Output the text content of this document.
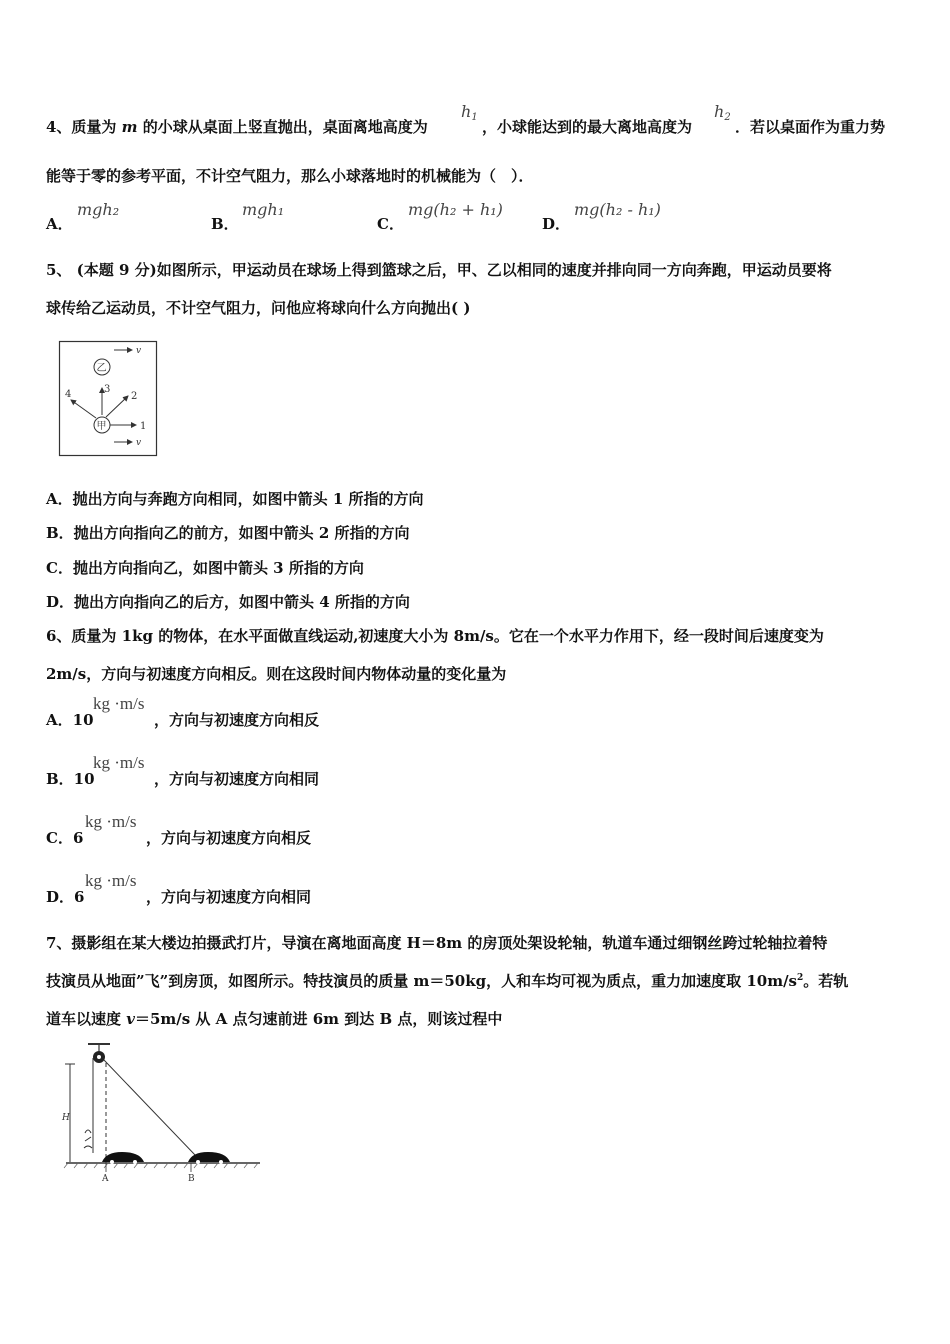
4、质量为 m 的小球从桌面上竖直抛出，桌面离地高度为
$h_1$
，小球能达到的最大离地高度为
$h_2$
．若以桌面作为重力势
能等于零的参考平面，不计空气阻力，那么小球落地时的机械能为（　）．
A．
mgh₂
B．
mgh₁
C．
mg(h₂ + h₁)
D．
mg(h₂ - h₁)
5、 (本题 9 分)如图所示，甲运动员在球场上得到篮球之后，甲、乙以相同的速度并排向同一方向奔跑，甲运动员要将
球传给乙运动员，不计空气阻力，问他应将球向什么方向抛出( )
v
乙
3
2
4
1
甲
v
A．抛出方向与奔跑方向相同，如图中箭头 1 所指的方向
B．抛出方向指向乙的前方，如图中箭头 2 所指的方向
C．抛出方向指向乙，如图中箭头 3 所指的方向
D．抛出方向指向乙的后方，如图中箭头 4 所指的方向
6、质量为 1kg 的物体，在水平面做直线运动,初速度大小为 8m/s。它在一个水平力作用下，经一段时间后速度变为
2m/s，方向与初速度方向相反。则在这段时间内物体动量的变化量为
A．10
kg ·m/s
，方向与初速度方向相反
B．10
kg ·m/s
，方向与初速度方向相同
C．6
kg ·m/s
，方向与初速度方向相反
D．6
kg ·m/s
，方向与初速度方向相同
7、摄影组在某大楼边拍摄武打片，导演在离地面高度 H＝8m 的房顶处架设轮轴，轨道车通过细钢丝跨过轮轴拉着特
技演员从地面”飞”到房顶，如图所示。特技演员的质量 m＝50kg，人和车均可视为质点，重力加速度取 $10m/s^2$。若轨
道车以速度 v＝5m/s 从 A 点匀速前进 6m 到达 B 点，则该过程中
H
A	B
